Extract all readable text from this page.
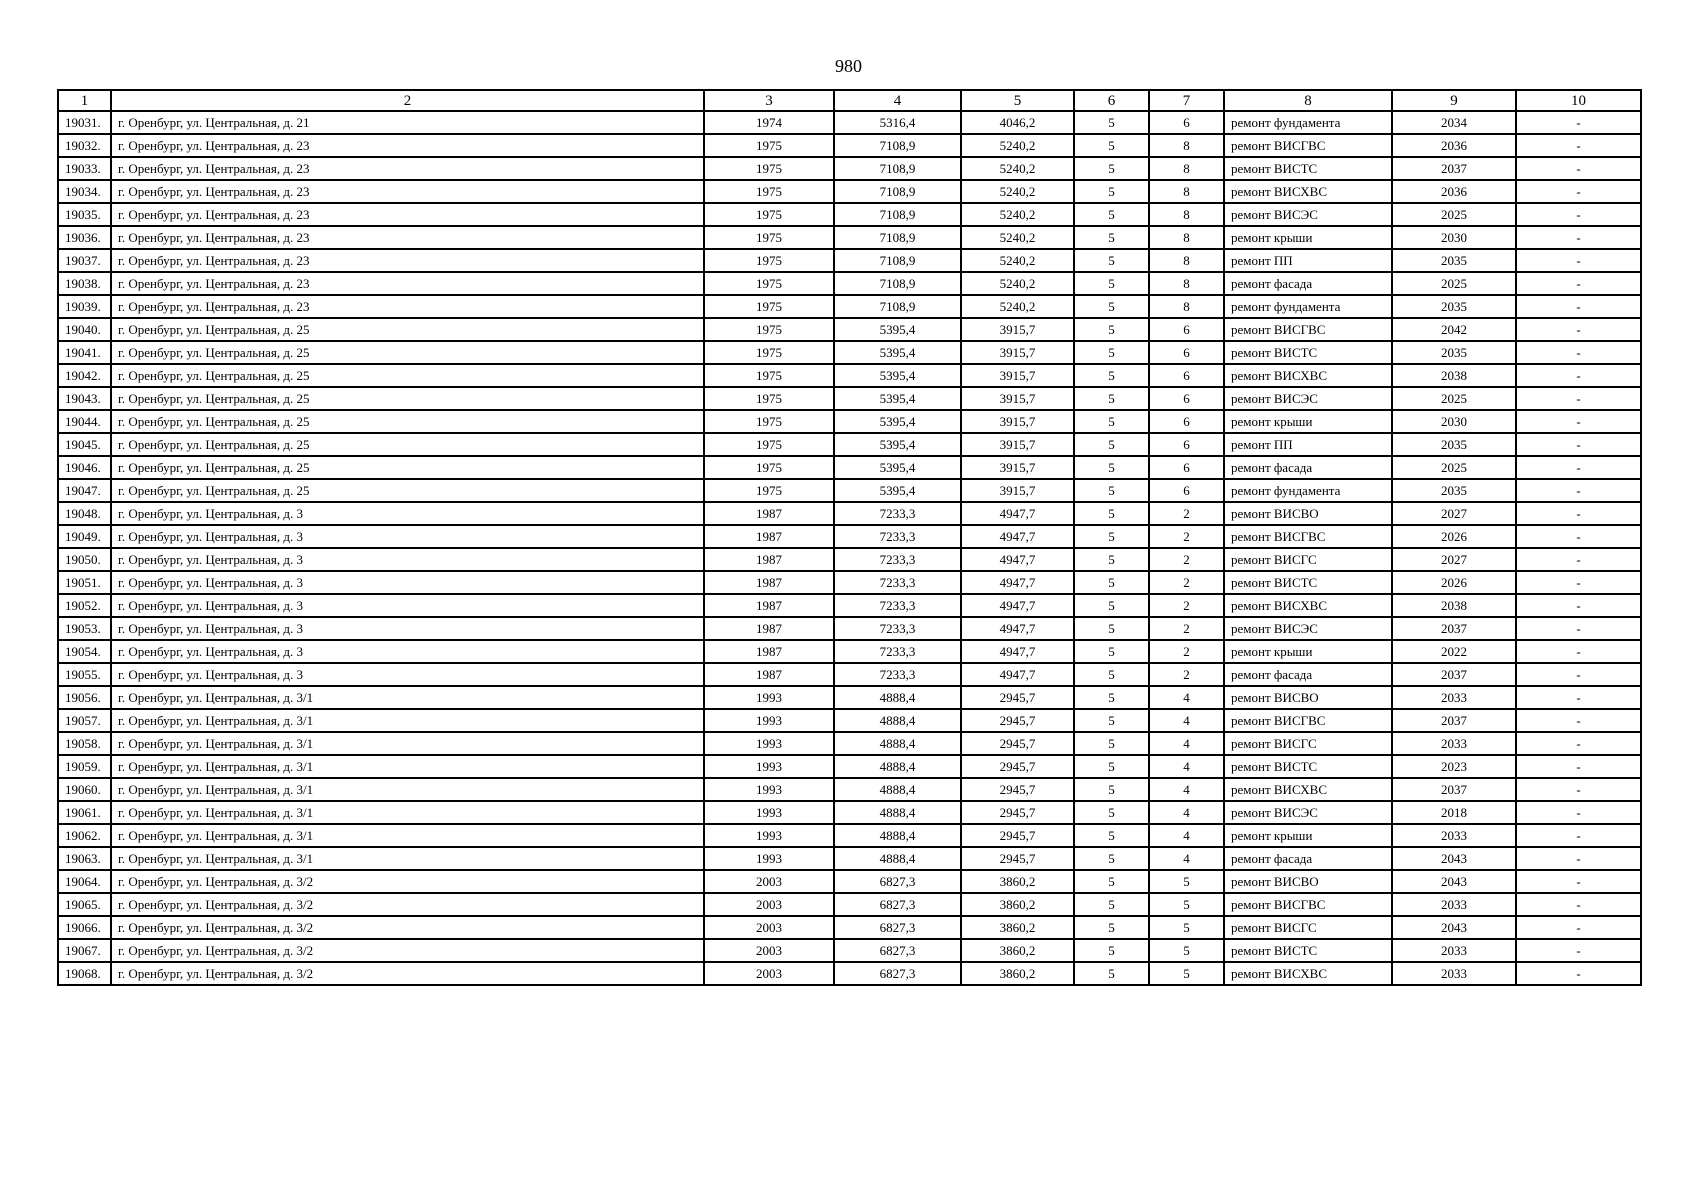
980
1	2	3	4	5	6	7	8	9	10
19031.	г. Оренбург, ул. Центральная, д. 21	1974	5316,4	4046,2	5	6	ремонт фундамента	2034	-
19032.	г. Оренбург, ул. Центральная, д. 23	1975	7108,9	5240,2	5	8	ремонт ВИСГВС	2036	-
19033.	г. Оренбург, ул. Центральная, д. 23	1975	7108,9	5240,2	5	8	ремонт ВИСТС	2037	-
19034.	г. Оренбург, ул. Центральная, д. 23	1975	7108,9	5240,2	5	8	ремонт ВИСХВС	2036	-
19035.	г. Оренбург, ул. Центральная, д. 23	1975	7108,9	5240,2	5	8	ремонт ВИСЭС	2025	-
19036.	г. Оренбург, ул. Центральная, д. 23	1975	7108,9	5240,2	5	8	ремонт крыши	2030	-
19037.	г. Оренбург, ул. Центральная, д. 23	1975	7108,9	5240,2	5	8	ремонт ПП	2035	-
19038.	г. Оренбург, ул. Центральная, д. 23	1975	7108,9	5240,2	5	8	ремонт фасада	2025	-
19039.	г. Оренбург, ул. Центральная, д. 23	1975	7108,9	5240,2	5	8	ремонт фундамента	2035	-
19040.	г. Оренбург, ул. Центральная, д. 25	1975	5395,4	3915,7	5	6	ремонт ВИСГВС	2042	-
19041.	г. Оренбург, ул. Центральная, д. 25	1975	5395,4	3915,7	5	6	ремонт ВИСТС	2035	-
19042.	г. Оренбург, ул. Центральная, д. 25	1975	5395,4	3915,7	5	6	ремонт ВИСХВС	2038	-
19043.	г. Оренбург, ул. Центральная, д. 25	1975	5395,4	3915,7	5	6	ремонт ВИСЭС	2025	-
19044.	г. Оренбург, ул. Центральная, д. 25	1975	5395,4	3915,7	5	6	ремонт крыши	2030	-
19045.	г. Оренбург, ул. Центральная, д. 25	1975	5395,4	3915,7	5	6	ремонт ПП	2035	-
19046.	г. Оренбург, ул. Центральная, д. 25	1975	5395,4	3915,7	5	6	ремонт фасада	2025	-
19047.	г. Оренбург, ул. Центральная, д. 25	1975	5395,4	3915,7	5	6	ремонт фундамента	2035	-
19048.	г. Оренбург, ул. Центральная, д. 3	1987	7233,3	4947,7	5	2	ремонт ВИСВО	2027	-
19049.	г. Оренбург, ул. Центральная, д. 3	1987	7233,3	4947,7	5	2	ремонт ВИСГВС	2026	-
19050.	г. Оренбург, ул. Центральная, д. 3	1987	7233,3	4947,7	5	2	ремонт ВИСГС	2027	-
19051.	г. Оренбург, ул. Центральная, д. 3	1987	7233,3	4947,7	5	2	ремонт ВИСТС	2026	-
19052.	г. Оренбург, ул. Центральная, д. 3	1987	7233,3	4947,7	5	2	ремонт ВИСХВС	2038	-
19053.	г. Оренбург, ул. Центральная, д. 3	1987	7233,3	4947,7	5	2	ремонт ВИСЭС	2037	-
19054.	г. Оренбург, ул. Центральная, д. 3	1987	7233,3	4947,7	5	2	ремонт крыши	2022	-
19055.	г. Оренбург, ул. Центральная, д. 3	1987	7233,3	4947,7	5	2	ремонт фасада	2037	-
19056.	г. Оренбург, ул. Центральная, д. 3/1	1993	4888,4	2945,7	5	4	ремонт ВИСВО	2033	-
19057.	г. Оренбург, ул. Центральная, д. 3/1	1993	4888,4	2945,7	5	4	ремонт ВИСГВС	2037	-
19058.	г. Оренбург, ул. Центральная, д. 3/1	1993	4888,4	2945,7	5	4	ремонт ВИСГС	2033	-
19059.	г. Оренбург, ул. Центральная, д. 3/1	1993	4888,4	2945,7	5	4	ремонт ВИСТС	2023	-
19060.	г. Оренбург, ул. Центральная, д. 3/1	1993	4888,4	2945,7	5	4	ремонт ВИСХВС	2037	-
19061.	г. Оренбург, ул. Центральная, д. 3/1	1993	4888,4	2945,7	5	4	ремонт ВИСЭС	2018	-
19062.	г. Оренбург, ул. Центральная, д. 3/1	1993	4888,4	2945,7	5	4	ремонт крыши	2033	-
19063.	г. Оренбург, ул. Центральная, д. 3/1	1993	4888,4	2945,7	5	4	ремонт фасада	2043	-
19064.	г. Оренбург, ул. Центральная, д. 3/2	2003	6827,3	3860,2	5	5	ремонт ВИСВО	2043	-
19065.	г. Оренбург, ул. Центральная, д. 3/2	2003	6827,3	3860,2	5	5	ремонт ВИСГВС	2033	-
19066.	г. Оренбург, ул. Центральная, д. 3/2	2003	6827,3	3860,2	5	5	ремонт ВИСГС	2043	-
19067.	г. Оренбург, ул. Центральная, д. 3/2	2003	6827,3	3860,2	5	5	ремонт ВИСТС	2033	-
19068.	г. Оренбург, ул. Центральная, д. 3/2	2003	6827,3	3860,2	5	5	ремонт ВИСХВС	2033	-
